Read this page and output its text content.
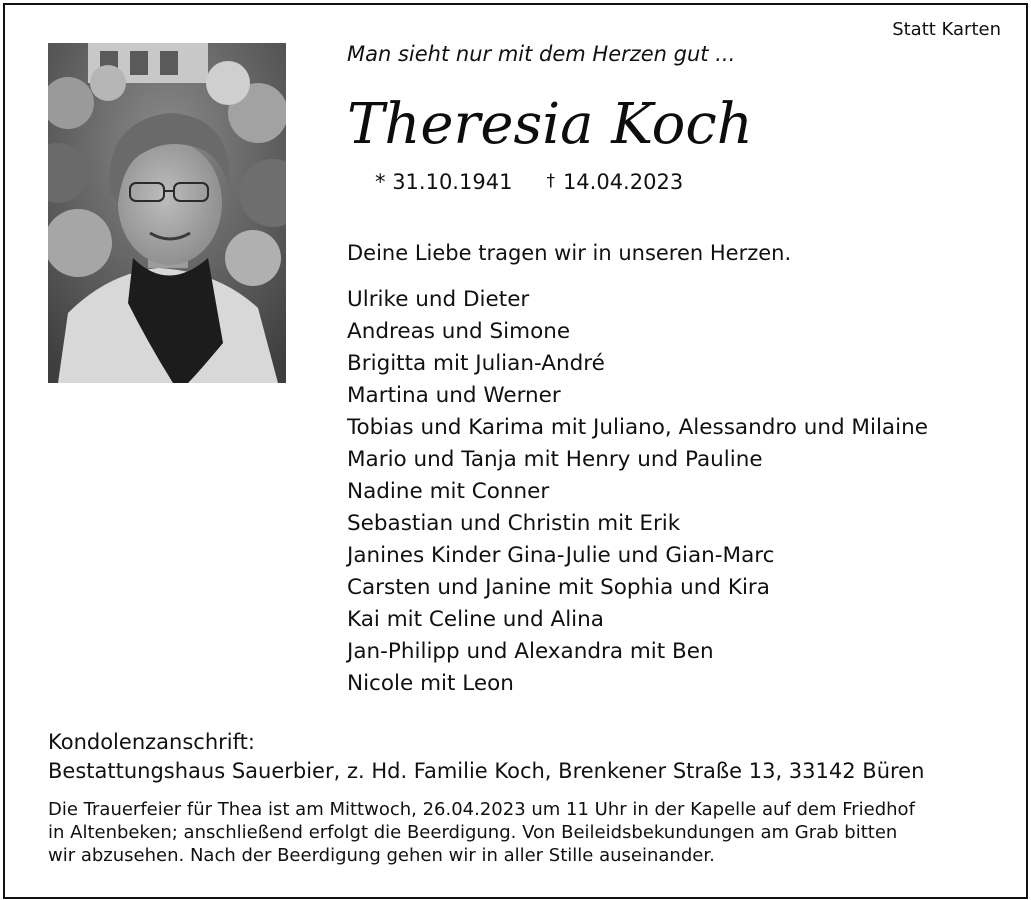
Statt Karten
Man sieht nur mit dem Herzen gut ...
Theresia Koch
* 31.10.1941 † 14.04.2023
Deine Liebe tragen wir in unseren Herzen.
Ulrike und Dieter
Andreas und Simone
Brigitta mit Julian-André
Martina und Werner
Tobias und Karima mit Juliano, Alessandro und Milaine
Mario und Tanja mit Henry und Pauline
Nadine mit Conner
Sebastian und Christin mit Erik
Janines Kinder Gina-Julie und Gian-Marc
Carsten und Janine mit Sophia und Kira
Kai mit Celine und Alina
Jan-Philipp und Alexandra mit Ben
Nicole mit Leon
Kondolenzanschrift:
Bestattungshaus Sauerbier, z. Hd. Familie Koch, Brenkener Straße 13, 33142 Büren
Die Trauerfeier für Thea ist am Mittwoch, 26.04.2023 um 11 Uhr in der Kapelle auf dem Friedhof
in Altenbeken; anschließend erfolgt die Beerdigung. Von Beileidsbekundungen am Grab bitten
wir abzusehen. Nach der Beerdigung gehen wir in aller Stille auseinander.
